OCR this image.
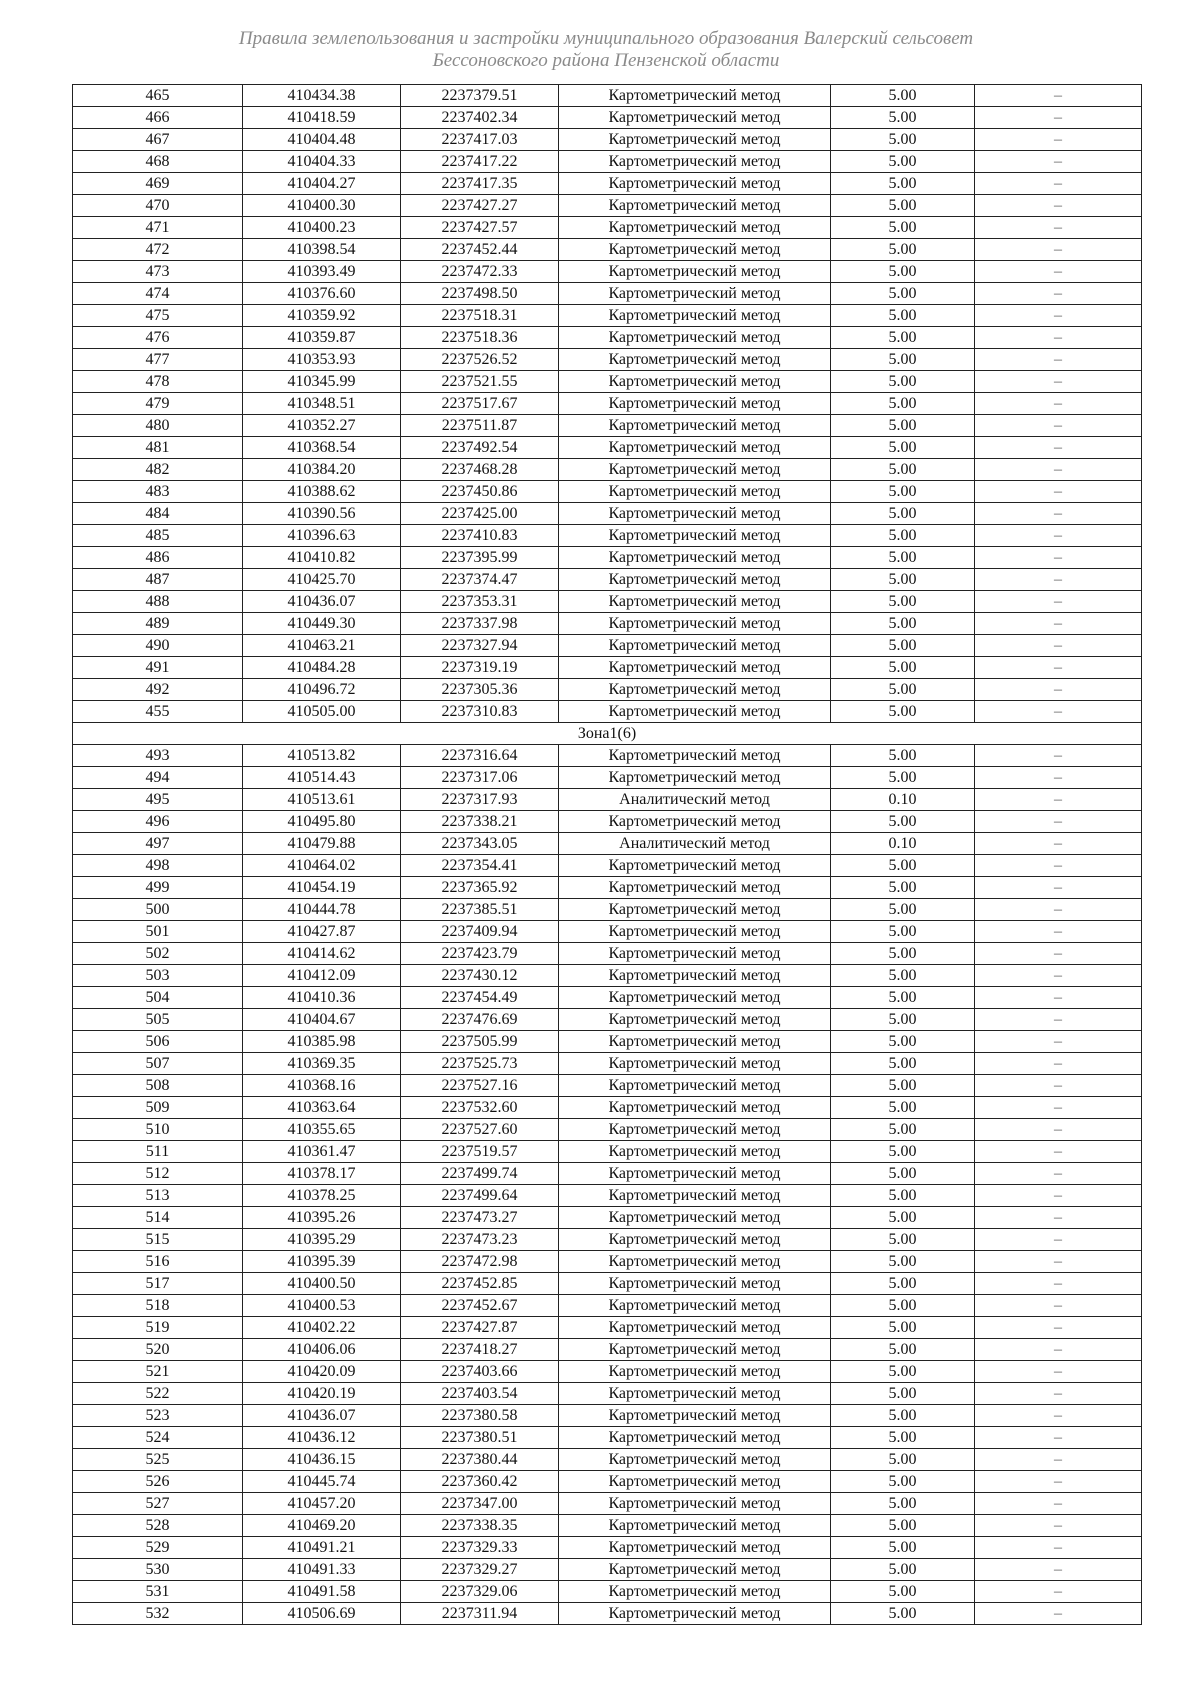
Правила землепользования и застройки муниципального образования Валерский сельсовет
Бессоновского района Пензенской области
465	410434.38	2237379.51	Картометрический метод	5.00	–
466	410418.59	2237402.34	Картометрический метод	5.00	–
467	410404.48	2237417.03	Картометрический метод	5.00	–
468	410404.33	2237417.22	Картометрический метод	5.00	–
469	410404.27	2237417.35	Картометрический метод	5.00	–
470	410400.30	2237427.27	Картометрический метод	5.00	–
471	410400.23	2237427.57	Картометрический метод	5.00	–
472	410398.54	2237452.44	Картометрический метод	5.00	–
473	410393.49	2237472.33	Картометрический метод	5.00	–
474	410376.60	2237498.50	Картометрический метод	5.00	–
475	410359.92	2237518.31	Картометрический метод	5.00	–
476	410359.87	2237518.36	Картометрический метод	5.00	–
477	410353.93	2237526.52	Картометрический метод	5.00	–
478	410345.99	2237521.55	Картометрический метод	5.00	–
479	410348.51	2237517.67	Картометрический метод	5.00	–
480	410352.27	2237511.87	Картометрический метод	5.00	–
481	410368.54	2237492.54	Картометрический метод	5.00	–
482	410384.20	2237468.28	Картометрический метод	5.00	–
483	410388.62	2237450.86	Картометрический метод	5.00	–
484	410390.56	2237425.00	Картометрический метод	5.00	–
485	410396.63	2237410.83	Картометрический метод	5.00	–
486	410410.82	2237395.99	Картометрический метод	5.00	–
487	410425.70	2237374.47	Картометрический метод	5.00	–
488	410436.07	2237353.31	Картометрический метод	5.00	–
489	410449.30	2237337.98	Картометрический метод	5.00	–
490	410463.21	2237327.94	Картометрический метод	5.00	–
491	410484.28	2237319.19	Картометрический метод	5.00	–
492	410496.72	2237305.36	Картометрический метод	5.00	–
455	410505.00	2237310.83	Картометрический метод	5.00	–
Зона1(6)					
493	410513.82	2237316.64	Картометрический метод	5.00	–
494	410514.43	2237317.06	Картометрический метод	5.00	–
495	410513.61	2237317.93	Аналитический метод	0.10	–
496	410495.80	2237338.21	Картометрический метод	5.00	–
497	410479.88	2237343.05	Аналитический метод	0.10	–
498	410464.02	2237354.41	Картометрический метод	5.00	–
499	410454.19	2237365.92	Картометрический метод	5.00	–
500	410444.78	2237385.51	Картометрический метод	5.00	–
501	410427.87	2237409.94	Картометрический метод	5.00	–
502	410414.62	2237423.79	Картометрический метод	5.00	–
503	410412.09	2237430.12	Картометрический метод	5.00	–
504	410410.36	2237454.49	Картометрический метод	5.00	–
505	410404.67	2237476.69	Картометрический метод	5.00	–
506	410385.98	2237505.99	Картометрический метод	5.00	–
507	410369.35	2237525.73	Картометрический метод	5.00	–
508	410368.16	2237527.16	Картометрический метод	5.00	–
509	410363.64	2237532.60	Картометрический метод	5.00	–
510	410355.65	2237527.60	Картометрический метод	5.00	–
511	410361.47	2237519.57	Картометрический метод	5.00	–
512	410378.17	2237499.74	Картометрический метод	5.00	–
513	410378.25	2237499.64	Картометрический метод	5.00	–
514	410395.26	2237473.27	Картометрический метод	5.00	–
515	410395.29	2237473.23	Картометрический метод	5.00	–
516	410395.39	2237472.98	Картометрический метод	5.00	–
517	410400.50	2237452.85	Картометрический метод	5.00	–
518	410400.53	2237452.67	Картометрический метод	5.00	–
519	410402.22	2237427.87	Картометрический метод	5.00	–
520	410406.06	2237418.27	Картометрический метод	5.00	–
521	410420.09	2237403.66	Картометрический метод	5.00	–
522	410420.19	2237403.54	Картометрический метод	5.00	–
523	410436.07	2237380.58	Картометрический метод	5.00	–
524	410436.12	2237380.51	Картометрический метод	5.00	–
525	410436.15	2237380.44	Картометрический метод	5.00	–
526	410445.74	2237360.42	Картометрический метод	5.00	–
527	410457.20	2237347.00	Картометрический метод	5.00	–
528	410469.20	2237338.35	Картометрический метод	5.00	–
529	410491.21	2237329.33	Картометрический метод	5.00	–
530	410491.33	2237329.27	Картометрический метод	5.00	–
531	410491.58	2237329.06	Картометрический метод	5.00	–
532	410506.69	2237311.94	Картометрический метод	5.00	–
